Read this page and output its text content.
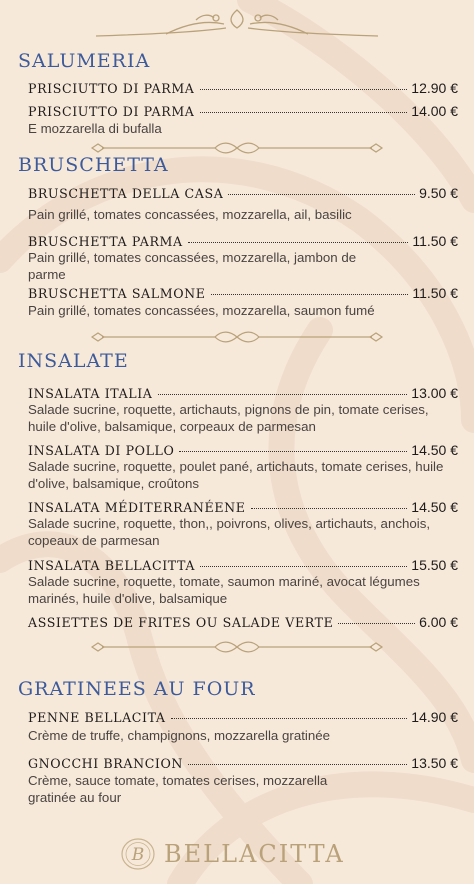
SALUMERIA
PRISCIUTTO DI PARMA	12.90 €
PRISCIUTTO DI PARMA	14.00 €

E mozzarella di bufalla

BRUSCHETTA
BRUSCHETTA DELLA CASA	9.50 €

Pain grillé, tomates concassées, mozzarella, ail, basilic

BRUSCHETTA PARMA	11.50 €

Pain grillé, tomates concassées, mozzarella, jambon de parme

BRUSCHETTA SALMONE	11.50 €

Pain grillé, tomates concassées, mozzarella, saumon fumé

INSALATE
INSALATA ITALIA	13.00 €

Salade sucrine, roquette, artichauts, pignons de pin, tomate cerises, huile d'olive, balsamique, corpeaux de parmesan

INSALATA DI POLLO	14.50 €

Salade sucrine, roquette, poulet pané, artichauts, tomate cerises, huile d'olive, balsamique, croûtons

INSALATA MÉDITERRANÉENE	14.50 €

Salade sucrine, roquette, thon,, poivrons, olives, artichauts, anchois, copeaux de parmesan

INSALATA BELLACITTA	15.50 €

Salade sucrine, roquette, tomate, saumon mariné, avocat légumes marinés, huile d'olive, balsamique

ASSIETTES DE FRITES OU SALADE VERTE	6.00 €
GRATINEES AU FOUR
PENNE BELLACITA	14.90 €

Crème de truffe, champignons, mozzarella gratinée

GNOCCHI BRANCION	13.50 €

Crème, sauce tomate, tomates cerises, mozzarella gratinée au four

B BELLACITTA
